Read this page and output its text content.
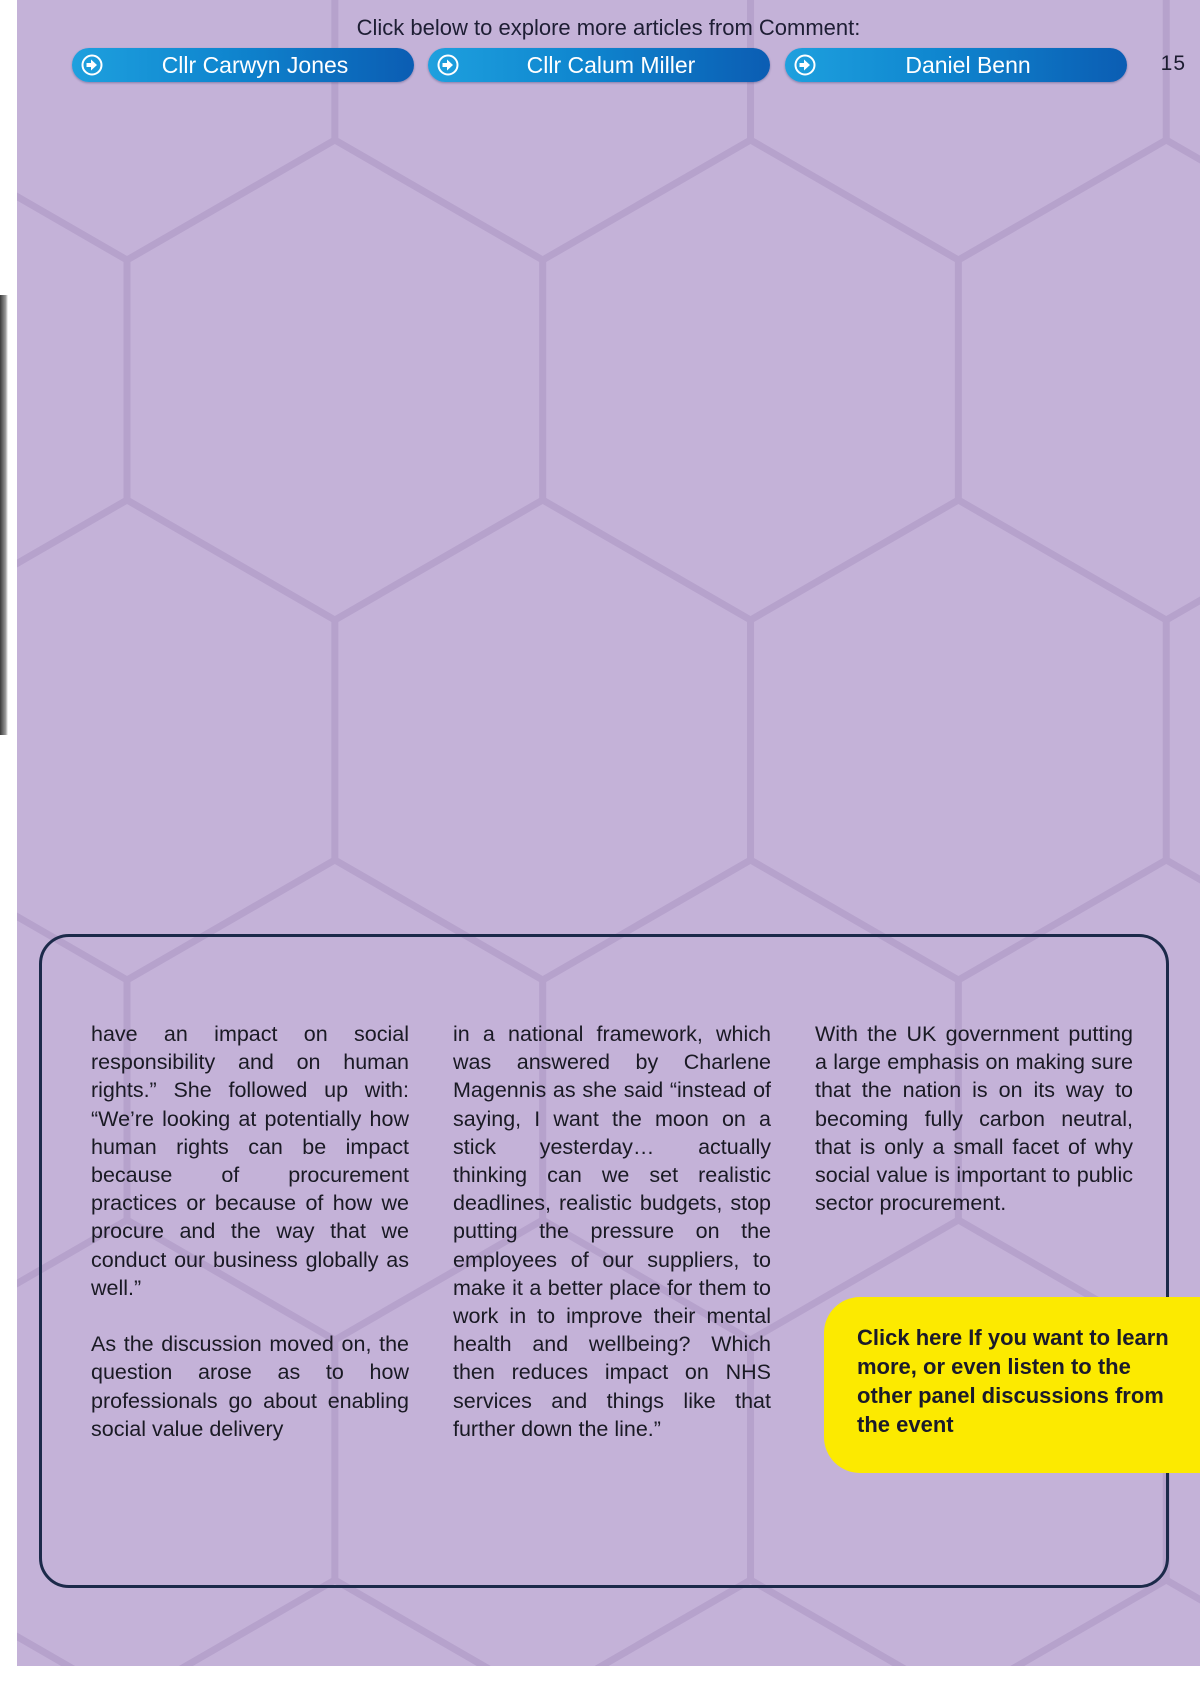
Click below to explore more articles from Comment:
Cllr Carwyn Jones	Cllr Calum Miller	Daniel Benn	15

have an impact on social responsibility and on human rights.” She followed up with: “We’re looking at potentially how human rights can be impact because of procurement practices or because of how we procure and the way that we conduct our business globally as well.”

As the discussion moved on, the question arose as to how professionals go about enabling social value delivery

in a national framework, which was answered by Charlene Magennis as she said “instead of saying, I want the moon on a stick yesterday… actually thinking can we set realistic deadlines, realistic budgets, stop putting the pressure on the employees of our suppliers, to make it a better place for them to work in to improve their mental health and wellbeing? Which then reduces impact on NHS services and things like that further down the line.”

With the UK government putting a large emphasis on making sure that the nation is on its way to becoming fully carbon neutral, that is only a small facet of why social value is important to public sector procurement.

Click here If you want to learn more, or even listen to the other panel discussions from the event
